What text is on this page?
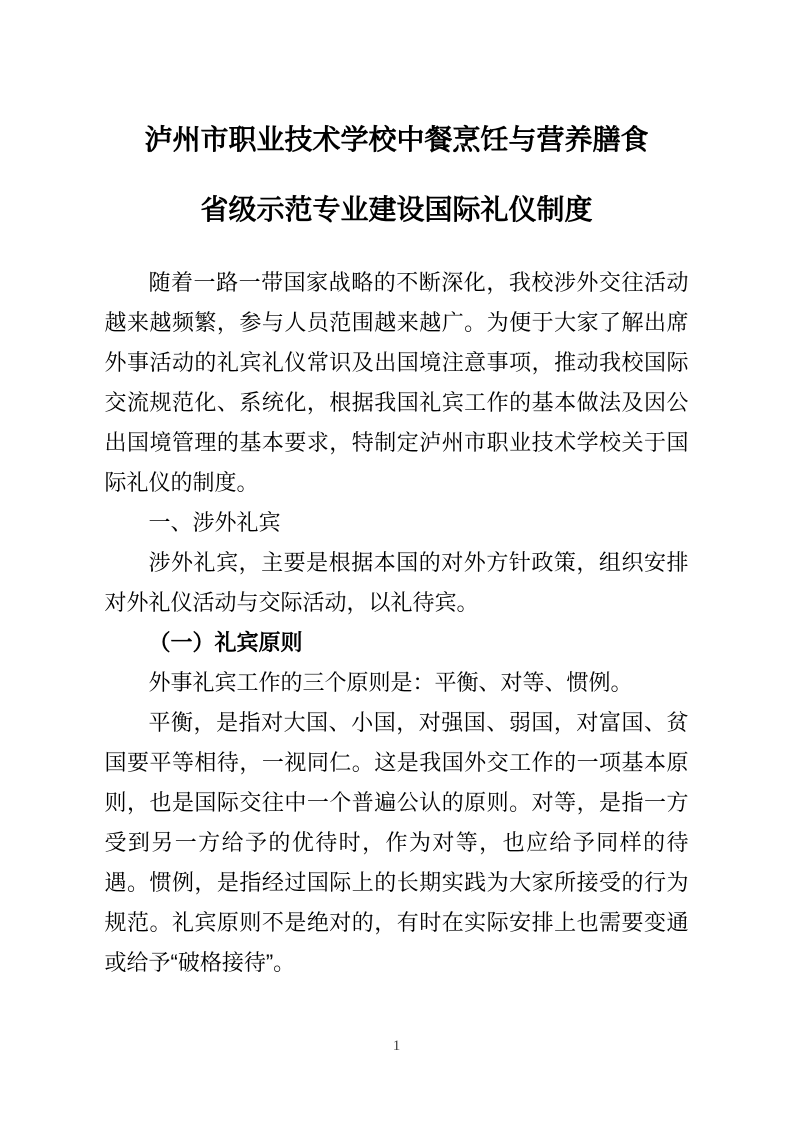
泸州市职业技术学校中餐烹饪与营养膳食
省级示范专业建设国际礼仪制度

随着一路一带国家战略的不断深化，我校涉外交往活动越来越频繁，参与人员范围越来越广。为便于大家了解出席外事活动的礼宾礼仪常识及出国境注意事项，推动我校国际交流规范化、系统化，根据我国礼宾工作的基本做法及因公出国境管理的基本要求，特制定泸州市职业技术学校关于国际礼仪的制度。

一、涉外礼宾

涉外礼宾，主要是根据本国的对外方针政策，组织安排对外礼仪活动与交际活动，以礼待宾。

（一）礼宾原则

外事礼宾工作的三个原则是：平衡、对等、惯例。

平衡，是指对大国、小国，对强国、弱国，对富国、贫国要平等相待，一视同仁。这是我国外交工作的一项基本原则，也是国际交往中一个普遍公认的原则。对等，是指一方受到另一方给予的优待时，作为对等，也应给予同样的待遇。惯例，是指经过国际上的长期实践为大家所接受的行为规范。礼宾原则不是绝对的，有时在实际安排上也需要变通或给予“破格接待”。

1
